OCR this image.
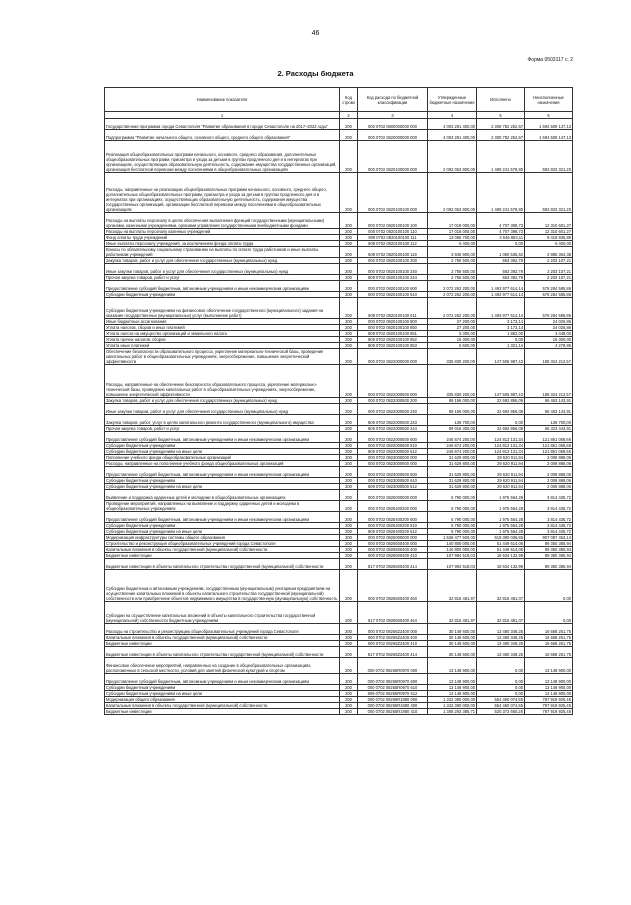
46
Форма 0503117 с. 2
2. Расходы бюджета
Наименование показателя	Код строки	Код расхода по бюджетной классификации	Утвержденные бюджетные назначения	Исполнено	Неисполненные назначения
1	2	3	4	5	6
Государственная программа города Севастополя "Развитие образования в городе Севастополе на 2017–2022 годы"	200	000 0702 0800000000 000	4 003 291 400,00	2 308 782 252,67	1 694 509 147,13
Подпрограмма "Развитие начального общего, основного общего, среднего общего образования"	200	000 0702 0820000000 000	4 003 291 400,00	2 308 782 252,67	1 694 509 147,13
Реализация общеобразовательных программ начального, основного, среднего образования, дополнительных общеобразовательных программ, присмотра и ухода за детьми в группах продленного дня и в интернатах при организациях, осуществляющих образовательную деятельность, содержание имущества государственных организаций, организация бесплатной перевозки между поселениями в общеобразовательных организациях	200	000 0702 0820100000 000	2 092 063 900,00	1 499 241 578,80	592 822 321,20
Расходы, направленные на реализацию общеобразовательных программ начального, основного, среднего общего, дополнительных общеобразовательных программ, присмотра и ухода за детьми в группах продленного дня и в интернатах при организациях, осуществляющих образовательную деятельность, содержания имущества государственных организаций, организации бесплатной перевозки между поселениями в общеобразовательных организациях	200	000 0702 0820100100 000	2 092 063 900,00	1 499 241 578,80	592 822 321,20
Расходы на выплаты персоналу в целях обеспечения выполнения функций государственными (муниципальными) органами, казенными учреждениями, органами управления государственными внебюджетными фондами	200	000 0702 0820100100 100	17 018 000,00	4 707 398,73	12 310 601,27
Расходы на выплаты персоналу казенных учреждений	200	000 0702 0820100100 110	17 018 000,00	4 707 398,73	12 310 601,27
Фонд оплаты труда учреждений	200	809 0702 0820100100 111	13 065 700,00	3 646 863,11	9 418 836,89
Иные выплаты персоналу учреждений, за исключением фонда оплаты труда	200	809 0702 0820100100 112	6 400,00	0,00	6 400,00
Взносы по обязательному социальному страхованию на выплаты по оплате труда работников и иные выплаты работникам учреждений	200	809 0702 0820100100 119	3 945 900,00	1 060 535,62	2 885 364,38
Закупка товаров, работ и услуг для обеспечения государственных (муниципальных) нужд	200	000 0702 0820100100 200	2 756 500,00	553 392,79	2 203 107,21
Иные закупки товаров, работ и услуг для обеспечения государственных (муниципальных) нужд	200	000 0702 0820100100 240	2 756 500,00	553 392,79	2 203 107,21
Прочая закупка товаров, работ и услуг	200	809 0702 0820100100 244	2 756 500,00	553 392,79	2 203 107,21
Предоставление субсидий бюджетным, автономным учреждениям и иным некоммерческим организациям	200	000 0702 0820100100 600	2 072 262 200,00	1 493 977 614,14	578 284 585,86
Субсидии бюджетным учреждениям	200	000 0702 0820100100 610	2 072 262 200,00	1 493 977 614,14	578 284 585,86
Субсидии бюджетным учреждениям на финансовое обеспечение государственного (муниципального) задания на оказание государственных (муниципальных) услуг (выполнение работ)	200	809 0702 0820100100 611	2 072 262 200,00	1 493 977 614,14	578 284 585,86
Иные бюджетные ассигнования	200	000 0702 0820100100 800	27 200,00	3 173,14	24 026,86
Уплата налогов, сборов и иных платежей	200	000 0702 0820100100 850	27 200,00	3 173,14	24 026,86
Уплата налога на имущество организаций и земельного налога	200	809 0702 0820100100 851	5 300,00	1 852,00	3 448,00
Уплата прочих налогов, сборов	200	809 0702 0820100100 852	16 300,00	0,00	16 300,00
Уплата иных платежей	200	809 0702 0820100100 853	5 600,00	1 321,14	4 278,86
Обеспечение безопасности образовательного процесса, укрепление материально-технической базы, проведение капитальных работ в общеобразовательных учреждениях, энергосбережение, повышение энергетической эффективности	200	000 0702 0822000000 000	335 830 200,00	147 505 987,43	188 324 212,57
Расходы, направленные на обеспечение безопасности образовательного процесса, укрепление материально-технической базы, проведение капитальных работ в общеобразовательных учреждениях, энергосбережение, повышение энергетической эффективности	200	000 0702 0822000500 000	335 830 200,00	147 505 987,43	188 324 212,57
Закупка товаров, работ и услуг для обеспечения государственных (муниципальных) нужд	200	000 0702 0822000500 200	89 156 000,00	22 692 856,09	66 463 143,91
Иные закупки товаров, работ и услуг для обеспечения государственных (муниципальных) нужд	200	000 0702 0822000500 240	89 156 000,00	22 692 856,09	66 463 143,91
Закупка товаров, работ, услуг в целях капитального ремонта государственного (муниципального) имущества	200	809 0702 0822000500 243	139 700,00	0,00	139 700,00
Прочая закупка товаров, работ и услуг	200	809 0702 0822000500 244	89 016 300,00	22 692 856,09	66 323 443,91
Предоставление субсидий бюджетным, автономным учреждениям и иным некоммерческим организациям	200	000 0702 0822000500 600	246 674 200,00	124 813 131,34	121 861 068,66
Субсидии бюджетным учреждениям	200	000 0702 0822000500 610	246 674 200,00	124 813 131,34	121 861 068,66
Субсидии бюджетным учреждениям на иные цели	200	809 0702 0822000500 612	246 674 200,00	124 813 131,34	121 861 068,66
Пополнение учебного фонда общеобразовательных организаций	200	000 0702 0823000000 000	31 629 800,00	29 620 911,94	2 008 888,06
Расходы, направленные на пополнение учебного фонда общеобразовательных организаций	200	000 0702 0823000500 000	31 629 800,00	29 620 911,94	2 008 888,06
Предоставление субсидий бюджетным, автономным учреждениям и иным некоммерческим организациям	200	000 0702 0823000500 600	31 629 800,00	29 620 911,94	2 008 888,06
Субсидии бюджетным учреждениям	200	000 0702 0823000500 610	31 629 800,00	29 620 911,94	2 008 888,06
Субсидии бюджетным учреждениям на иные цели	200	809 0702 0823000500 612	31 629 800,00	29 620 911,94	2 008 888,06
Выявление и поддержка одаренных детей и молодежи в общеобразовательных организациях	200	000 0702 0825000000 000	5 790 000,00	1 975 564,28	3 814 435,72
Проведение мероприятий, направленных на выявление и поддержку одаренных детей и молодежи в общеобразовательных учреждениях	200	000 0702 0825400200 000	5 790 000,00	1 975 564,28	3 814 435,72
Предоставление субсидий бюджетным, автономным учреждениям и иным некоммерческим организациям	200	000 0702 0825400200 600	5 790 000,00	1 975 564,28	3 814 435,72
Субсидии бюджетным учреждениям	200	000 0702 0825400200 610	5 790 000,00	1 975 564,28	3 814 435,72
Субсидии бюджетным учреждениям на иные цели	200	809 0702 0825400200 612	5 790 000,00	1 975 564,28	3 814 435,72
Модернизация инфраструктуры системы общего образования	200	000 0702 0826000000 000	1 526 477 500,00	619 390 036,86	907 087 463,14
Строительство и реконструкция общеобразовательных учреждений города Севастополя	200	000 0702 0826500400 000	140 800 000,00	51 449 614,06	89 350 385,94
Капитальные вложения в объекты государственной (муниципальной) собственности	200	000 0702 0826500400 400	140 800 000,00	51 449 614,06	89 350 385,94
Бюджетные инвестиции	200	000 0702 0826500400 410	107 984 518,03	18 634 132,99	89 350 385,94
Бюджетные инвестиции в объекты капитального строительства государственной (муниципальной) собственности	200	817 0702 0826500400 414	107 984 518,03	18 634 132,99	89 350 385,94
Субсидии бюджетным и автономным учреждениям, государственным (муниципальным) унитарным предприятиям на осуществление капитальных вложений в объекты капитального строительства государственной (муниципальной) собственности или приобретение объектов недвижимого имущества в государственную (муниципальную) собственность	200	000 0702 0826500400 460	32 815 481,97	32 815 481,07	0,00
Субсидии на осуществление капитальных вложений в объекты капитального строительства государственной (муниципальной) собственности бюджетным учреждениям	200	817 0702 0826500400 464	32 815 481,97	32 815 481,07	0,00
Расходы на строительство и реконструкцию общеобразовательных учреждений города Севастополя	200	000 0702 08265Z2400 000	30 148 600,00	13 480 348,25	16 668 251,75
Капитальные вложения в объекты государственной (муниципальной) собственности	200	000 0702 08265Z2400 400	30 148 600,00	13 480 348,25	16 668 251,75
Бюджетные инвестиции	200	000 0702 08265Z2400 410	30 148 600,00	13 480 348,25	16 668 251,75
Бюджетные инвестиции в объекты капитального строительства государственной (муниципальной) собственности	200	817 0702 08265Z2400 414	30 148 600,00	13 480 348,25	16 668 251,75
Финансовое обеспечение мероприятий, направленных на создание в общеобразовательных организациях, расположенных в сельской местности, условий для занятий физической культурой и спортом	200	000 0702 08265R0970 000	13 148 900,00	0,00	13 148 900,00
Предоставление субсидий бюджетным, автономным учреждениям и иным некоммерческим организациям	200	000 0702 08265R0970 600	13 148 900,00	0,00	13 148 900,00
Субсидии бюджетным учреждениям	200	000 0702 08265R0970 610	13 148 900,00	0,00	13 148 900,00
Субсидии бюджетным учреждениям на иные цели	200	809 0702 08265R0970 612	13 148 900,00	0,00	13 148 900,00
Модернизация общего образования	200	000 0702 08265R1880 000	1 342 380 000,00	554 460 074,55	787 919 925,45
Капитальные вложения в объекты государственной (муниципальной) собственности	200	000 0702 08265R1880 400	1 342 380 000,00	554 460 074,55	787 919 925,45
Бюджетные инвестиции	200	000 0702 08265R1880 410	1 308 293 385,71	520 373 660,26	787 919 925,45
